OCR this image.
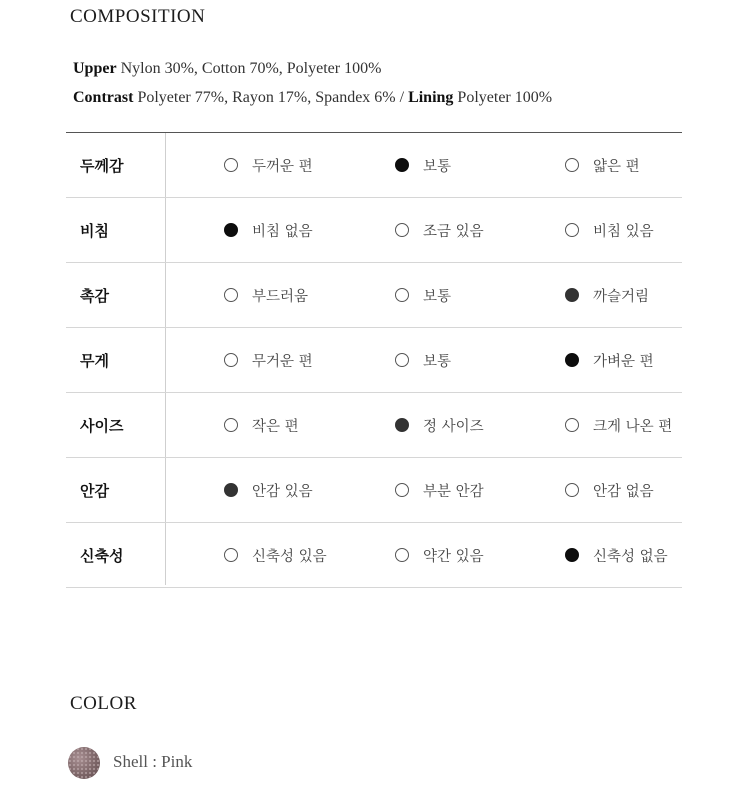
COMPOSITION
Upper Nylon 30%, Cotton 70%, Polyeter 100%
Contrast Polyeter 77%, Rayon 17%, Spandex 6% / Lining Polyeter 100%
두께감	두꺼운 편	보통	얇은 편
비침	비침 없음	조금 있음	비침 있음
촉감	부드러움	보통	까슬거림
무게	무거운 편	보통	가벼운 편
사이즈	작은 편	정 사이즈	크게 나온 편
안감	안감 있음	부분 안감	안감 없음
신축성	신축성 있음	약간 있음	신축성 없음
COLOR
Shell : Pink
